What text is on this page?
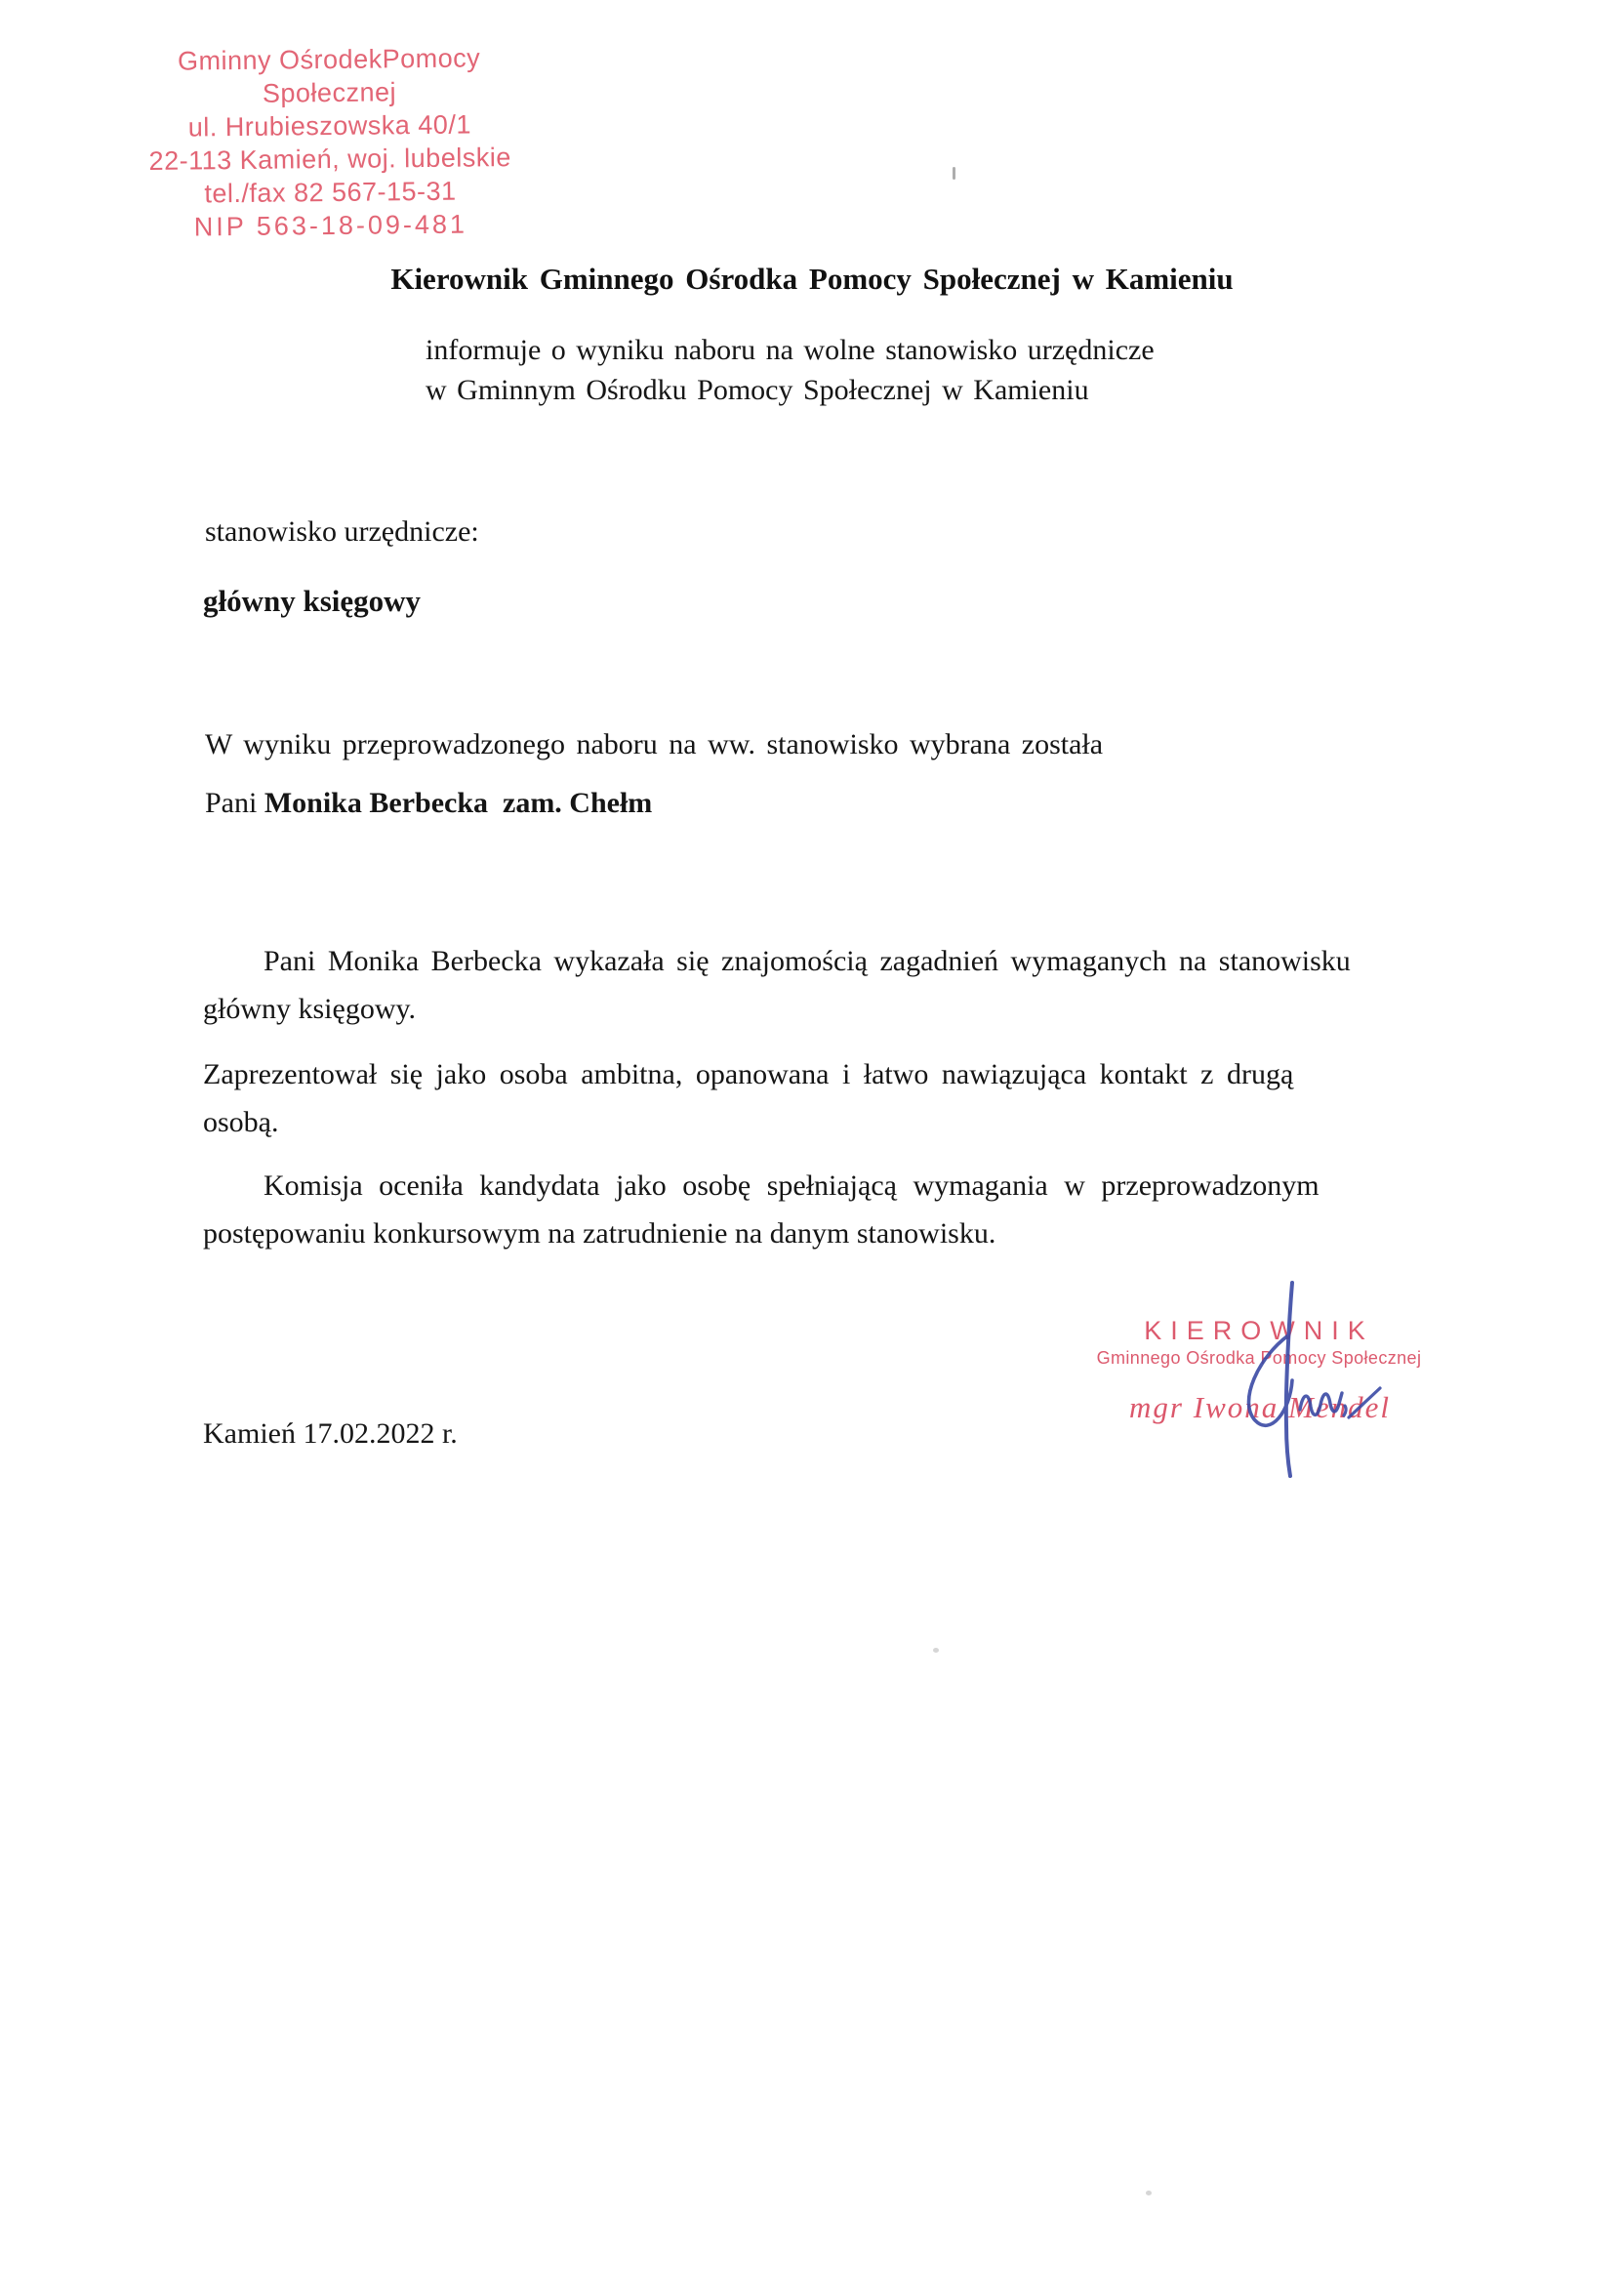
Gminny OśrodekPomocy Społecznej
ul. Hrubieszowska 40/1
22-113 Kamień, woj. lubelskie
tel./fax 82 567-15-31
NIP 563-18-09-481
Kierownik Gminnego Ośrodka Pomocy Społecznej w Kamieniu
informuje o wyniku naboru na wolne stanowisko urzędnicze
w Gminnym Ośrodku Pomocy Społecznej w Kamieniu
stanowisko urzędnicze:
główny księgowy
W wyniku przeprowadzonego naboru na ww. stanowisko wybrana została
Pani Monika Berbecka  zam. Chełm
Pani Monika Berbecka wykazała się znajomością zagadnień wymaganych na stanowisku
główny księgowy.
Zaprezentował się jako osoba ambitna, opanowana i łatwo nawiązująca kontakt z drugą
osobą.
Komisja oceniła kandydata jako osobę spełniającą wymagania w przeprowadzonym
postępowaniu konkursowym na zatrudnienie na danym stanowisku.
KIEROWNIK
Gminnego Ośrodka Pomocy Społecznej
mgr Iwona Mendel
Kamień 17.02.2022 r.
